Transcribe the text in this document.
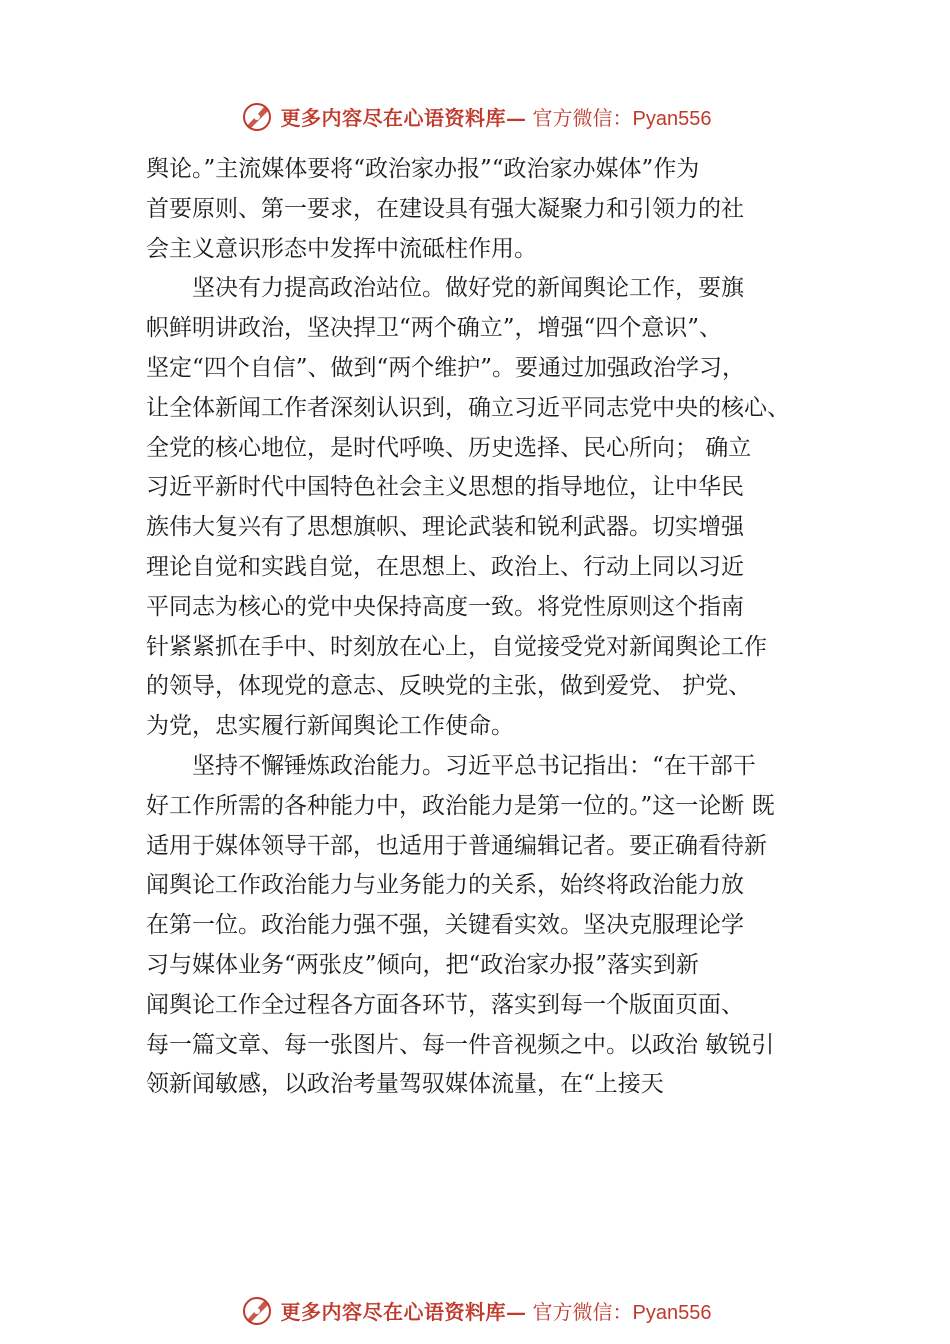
更多内容尽在心语资料库— 官方微信：Pyan556

舆论。”主流媒体要将“政治家办报”“政治家办媒体”作为

首要原则、第一要求，在建设具有强大凝聚力和引领力的社

会主义意识形态中发挥中流砥柱作用。

　　坚决有力提高政治站位。做好党的新闻舆论工作，要旗

帜鲜明讲政治，坚决捍卫“两个确立”，增强“四个意识”、

坚定“四个自信”、做到“两个维护”。要通过加强政治学习，

让全体新闻工作者深刻认识到，确立习近平同志党中央的核心、

全党的核心地位，是时代呼唤、历史选择、民心所向； 确立

习近平新时代中国特色社会主义思想的指导地位，让中华民

族伟大复兴有了思想旗帜、理论武装和锐利武器。切实增强

理论自觉和实践自觉，在思想上、政治上、行动上同以习近

平同志为核心的党中央保持高度一致。将党性原则这个指南

针紧紧抓在手中、时刻放在心上，自觉接受党对新闻舆论工作

的领导，体现党的意志、反映党的主张，做到爱党、 护党、

为党，忠实履行新闻舆论工作使命。

　　坚持不懈锤炼政治能力。习近平总书记指出：“在干部干

好工作所需的各种能力中，政治能力是第一位的。”这一论断 既

适用于媒体领导干部，也适用于普通编辑记者。要正确看待新

闻舆论工作政治能力与业务能力的关系，始终将政治能力放

在第一位。政治能力强不强，关键看实效。坚决克服理论学

习与媒体业务“两张皮”倾向，把“政治家办报”落实到新

闻舆论工作全过程各方面各环节，落实到每一个版面页面、

每一篇文章、每一张图片、每一件音视频之中。以政治 敏锐引

领新闻敏感，以政治考量驾驭媒体流量，在“上接天

更多内容尽在心语资料库— 官方微信：Pyan556
